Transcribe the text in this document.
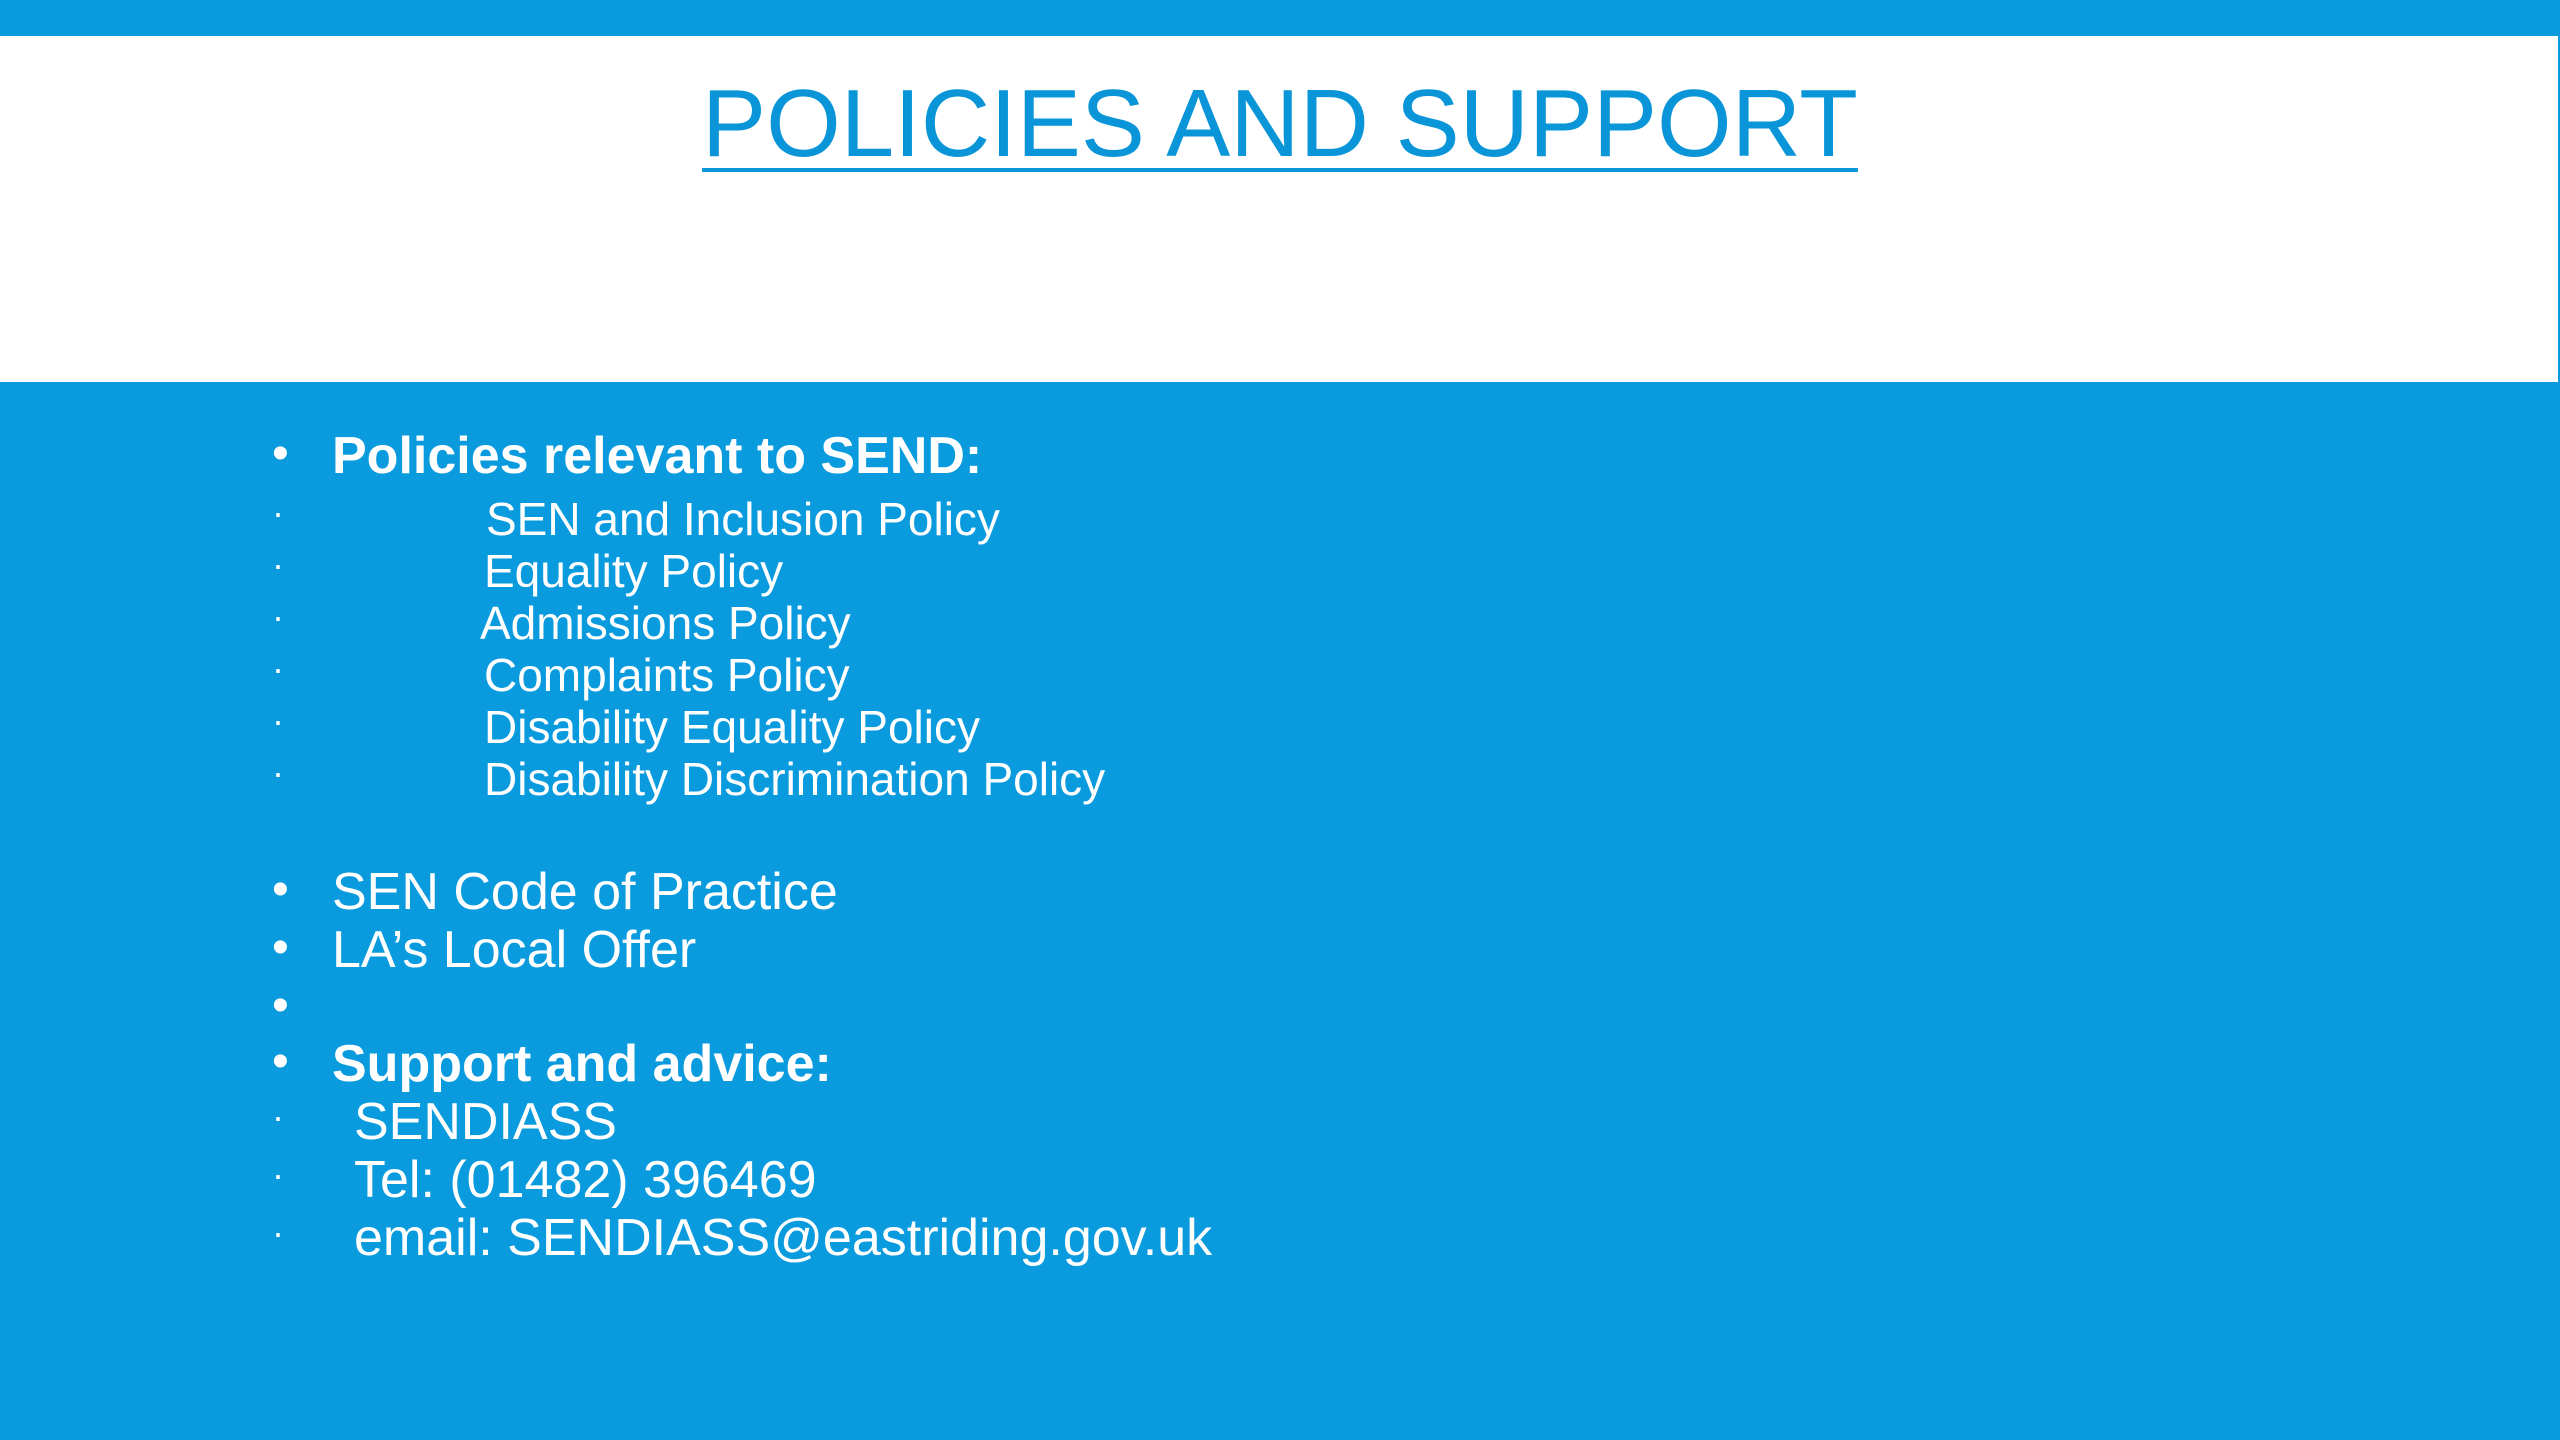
POLICIES AND SUPPORT
• Policies relevant to SEND:
·	SEN and Inclusion Policy
·	Equality Policy
·	Admissions Policy
·	Complaints Policy
·	Disability Equality Policy
·	Disability Discrimination Policy
• SEN Code of Practice
• LA’s Local Offer
•
• Support and advice:
· SENDIASS
· Tel: (01482) 396469
· email: SENDIASS@eastriding.gov.uk
